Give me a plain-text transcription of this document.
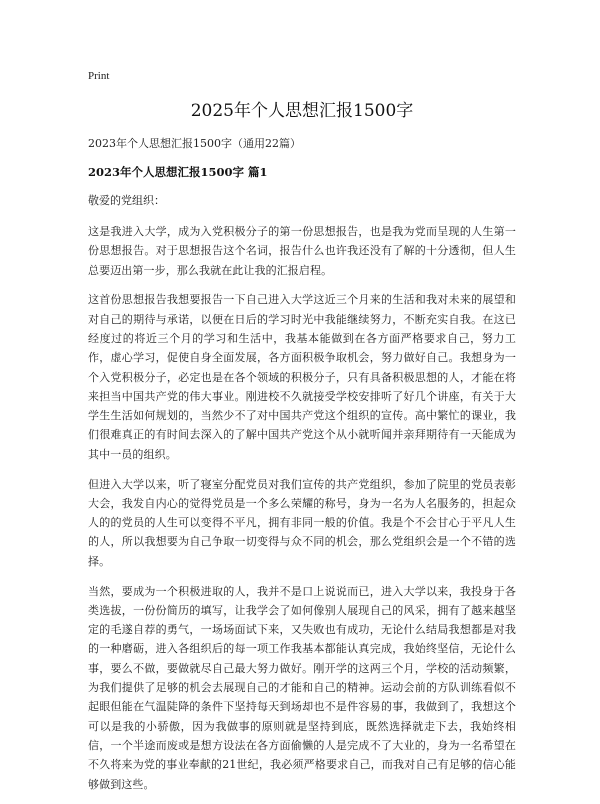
Print
2025年个人思想汇报1500字
2023年个人思想汇报1500字（通用22篇）
2023年个人思想汇报1500字 篇1
敬爱的党组织：

这是我进入大学，成为入党积极分子的第一份思想报告，也是我为党而呈现的人生第一份思想报告。对于思想报告这个名词，报告什么也许我还没有了解的十分透彻，但人生总要迈出第一步，那么我就在此让我的汇报启程。

这首份思想报告我想要报告一下自己进入大学这近三个月来的生活和我对未来的展望和对自己的期待与承诺，以便在日后的学习时光中我能继续努力，不断充实自我。在这已经度过的将近三个月的学习和生活中，我基本能做到在各方面严格要求自己，努力工作，虚心学习，促使自身全面发展，各方面积极争取机会，努力做好自己。我想身为一个入党积极分子，必定也是在各个领域的积极分子，只有具备积极思想的人，才能在将来担当中国共产党的伟大事业。刚进校不久就接受学校安排听了好几个讲座，有关于大学生生活如何规划的，当然少不了对中国共产党这个组织的宣传。高中繁忙的课业，我们很难真正的有时间去深入的了解中国共产党这个从小就听闻并亲拜期待有一天能成为其中一员的组织。

但进入大学以来，听了寝室分配党员对我们宣传的共产党组织，参加了院里的党员表彰大会，我发自内心的觉得党员是一个多么荣耀的称号，身为一名为人名服务的，担起众人的的党员的人生可以变得不平凡，拥有非同一般的价值。我是个不会甘心于平凡人生的人，所以我想要为自己争取一切变得与众不同的机会，那么党组织会是一个不错的选择。

当然，要成为一个积极进取的人，我并不是口上说说而已，进入大学以来，我投身于各类选拔，一份份简历的填写，让我学会了如何像别人展现自己的风采，拥有了越来越坚定的毛遂自荐的勇气，一场场面试下来，又失败也有成功，无论什么结局我想都是对我的一种磨砺，进入各组织后的每一项工作我基本都能认真完成，我始终坚信，无论什么事，要么不做，要做就尽自己最大努力做好。刚开学的这两三个月，学校的活动频繁，为我们提供了足够的机会去展现自己的才能和自己的精神。运动会前的方队训练看似不起眼但能在气温陡降的条件下坚持每天到场却也不是件容易的事，我做到了，我想这个可以是我的小骄傲，因为我做事的原则就是坚持到底，既然选择就走下去，我始终相信，一个半途而废或是想方设法在各方面偷懒的人是完成不了大业的，身为一名希望在不久将来为党的事业奉献的21世纪，我必须严格要求自己，而我对自己有足够的信心能够做到这些。
